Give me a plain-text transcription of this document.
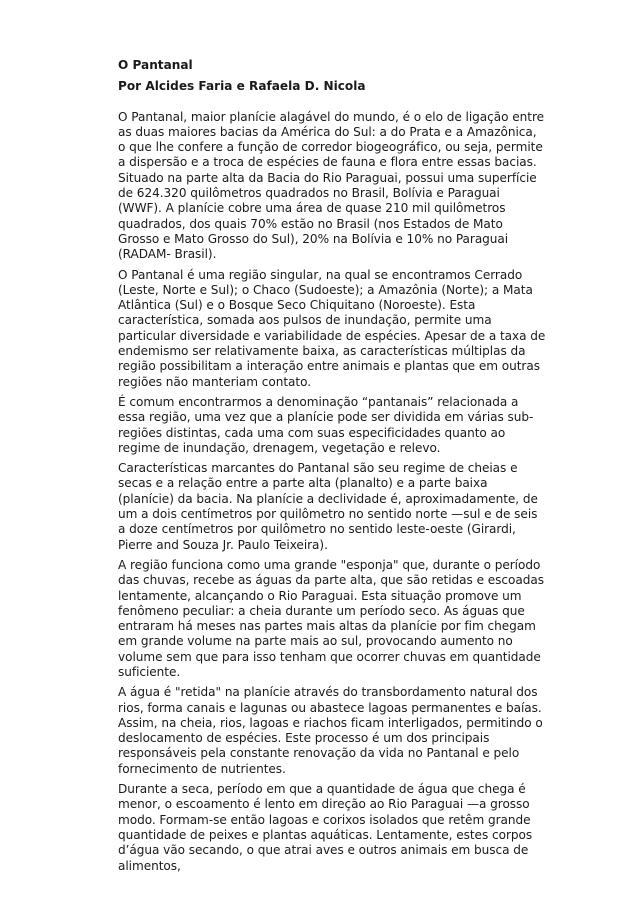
O Pantanal
Por Alcides Faria e Rafaela D. Nicola

O Pantanal, maior planície alagável do mundo, é o elo de ligação entre as duas maiores bacias da América do Sul: a do Prata e a Amazônica, o que lhe confere a função de corredor biogeográfico, ou seja, permite a dispersão e a troca de espécies de fauna e flora entre essas bacias. Situado na parte alta da Bacia do Rio Paraguai, possui uma superfície de 624.320 quilômetros quadrados no Brasil, Bolívia e Paraguai (WWF). A planície cobre uma área de quase 210 mil quilômetros quadrados, dos quais 70% estão no Brasil (nos Estados de Mato Grosso e Mato Grosso do Sul), 20% na Bolívia e 10% no Paraguai (RADAM- Brasil).

O Pantanal é uma região singular, na qual se encontramos Cerrado (Leste, Norte e Sul); o Chaco (Sudoeste); a Amazônia (Norte); a Mata Atlântica (Sul) e o Bosque Seco Chiquitano (Noroeste). Esta característica, somada aos pulsos de inundação, permite uma particular diversidade e variabilidade de espécies. Apesar de a taxa de endemismo ser relativamente baixa, as características múltiplas da região possibilitam a interação entre animais e plantas que em outras regiões não manteriam contato.

É comum encontrarmos a denominação “pantanais” relacionada a essa região, uma vez que a planície pode ser dividida em várias sub-regiões distintas, cada uma com suas especificidades quanto ao regime de inundação, drenagem, vegetação e relevo.

Características marcantes do Pantanal são seu regime de cheias e secas e a relação entre a parte alta (planalto) e a parte baixa (planície) da bacia. Na planície a declividade é, aproximadamente, de um a dois centímetros por quilômetro no sentido norte —sul e de seis a doze centímetros por quilômetro no sentido leste-oeste (Girardi, Pierre and Souza Jr. Paulo Teixeira).

A região funciona como uma grande "esponja" que, durante o período das chuvas, recebe as águas da parte alta, que são retidas e escoadas lentamente, alcançando o Rio Paraguai. Esta situação promove um fenômeno peculiar: a cheia durante um período seco. As águas que entraram há meses nas partes mais altas da planície por fim chegam em grande volume na parte mais ao sul, provocando aumento no volume sem que para isso tenham que ocorrer chuvas em quantidade suficiente.

A água é "retida" na planície através do transbordamento natural dos rios, forma canais e lagunas ou abastece lagoas permanentes e baías. Assim, na cheia, rios, lagoas e riachos ficam interligados, permitindo o deslocamento de espécies. Este processo é um dos principais responsáveis pela constante renovação da vida no Pantanal e pelo fornecimento de nutrientes.

Durante a seca, período em que a quantidade de água que chega é menor, o escoamento é lento em direção ao Rio Paraguai —a grosso modo. Formam-se então lagoas e corixos isolados que retêm grande quantidade de peixes e plantas aquáticas. Lentamente, estes corpos d’água vão secando, o que atrai aves e outros animais em busca de alimentos,
